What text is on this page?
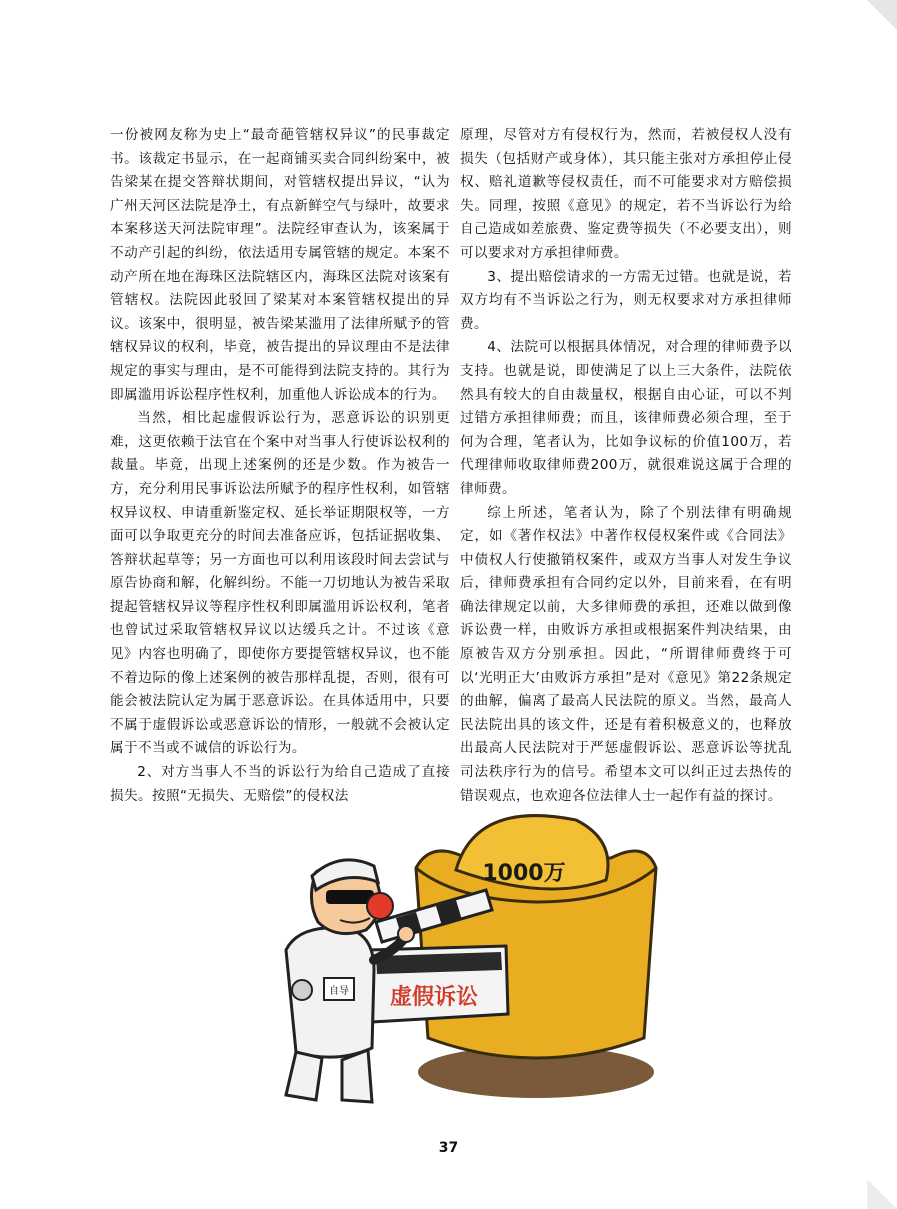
一份被网友称为史上“最奇葩管辖权异议”的民事裁定书。该裁定书显示，在一起商铺买卖合同纠纷案中，被告梁某在提交答辩状期间，对管辖权提出异议，“认为广州天河区法院是净土，有点新鲜空气与绿叶，故要求本案移送天河法院审理”。法院经审查认为，该案属于不动产引起的纠纷，依法适用专属管辖的规定。本案不动产所在地在海珠区法院辖区内，海珠区法院对该案有管辖权。法院因此驳回了梁某对本案管辖权提出的异议。该案中，很明显，被告梁某滥用了法律所赋予的管辖权异议的权利，毕竟，被告提出的异议理由不是法律规定的事实与理由，是不可能得到法院支持的。其行为即属滥用诉讼程序性权利，加重他人诉讼成本的行为。

当然，相比起虚假诉讼行为，恶意诉讼的识别更难，这更依赖于法官在个案中对当事人行使诉讼权利的裁量。毕竟，出现上述案例的还是少数。作为被告一方，充分利用民事诉讼法所赋予的程序性权利，如管辖权异议权、申请重新鉴定权、延长举证期限权等，一方面可以争取更充分的时间去准备应诉，包括证据收集、答辩状起草等；另一方面也可以利用该段时间去尝试与原告协商和解，化解纠纷。不能一刀切地认为被告采取提起管辖权异议等程序性权利即属滥用诉讼权利，笔者也曾试过采取管辖权异议以达缓兵之计。不过该《意见》内容也明确了，即使你方要提管辖权异议，也不能不着边际的像上述案例的被告那样乱提，否则，很有可能会被法院认定为属于恶意诉讼。在具体适用中，只要不属于虚假诉讼或恶意诉讼的情形，一般就不会被认定属于不当或不诚信的诉讼行为。

2、对方当事人不当的诉讼行为给自己造成了直接损失。按照“无损失、无赔偿”的侵权法

原理，尽管对方有侵权行为，然而，若被侵权人没有损失（包括财产或身体），其只能主张对方承担停止侵权、赔礼道歉等侵权责任，而不可能要求对方赔偿损失。同理，按照《意见》的规定，若不当诉讼行为给自己造成如差旅费、鉴定费等损失（不必要支出），则可以要求对方承担律师费。

3、提出赔偿请求的一方需无过错。也就是说，若双方均有不当诉讼之行为，则无权要求对方承担律师费。

4、法院可以根据具体情况，对合理的律师费予以支持。也就是说，即使满足了以上三大条件，法院依然具有较大的自由裁量权，根据自由心证，可以不判过错方承担律师费；而且，该律师费必须合理，至于何为合理，笔者认为，比如争议标的价值100万，若代理律师收取律师费200万，就很难说这属于合理的律师费。

综上所述，笔者认为，除了个别法律有明确规定，如《著作权法》中著作权侵权案件或《合同法》中债权人行使撤销权案件，或双方当事人对发生争议后，律师费承担有合同约定以外，目前来看，在有明确法律规定以前，大多律师费的承担，还难以做到像诉讼费一样，由败诉方承担或根据案件判决结果，由原被告双方分别承担。因此，“所谓律师费终于可以‘光明正大’由败诉方承担”是对《意见》第22条规定的曲解，偏离了最高人民法院的原义。当然，最高人民法院出具的该文件，还是有着积极意义的，也释放出最高人民法院对于严惩虚假诉讼、恶意诉讼等扰乱司法秩序行为的信号。希望本文可以纠正过去热传的错误观点，也欢迎各位法律人士一起作有益的探讨。

1000万
虚假诉讼
自导
37
